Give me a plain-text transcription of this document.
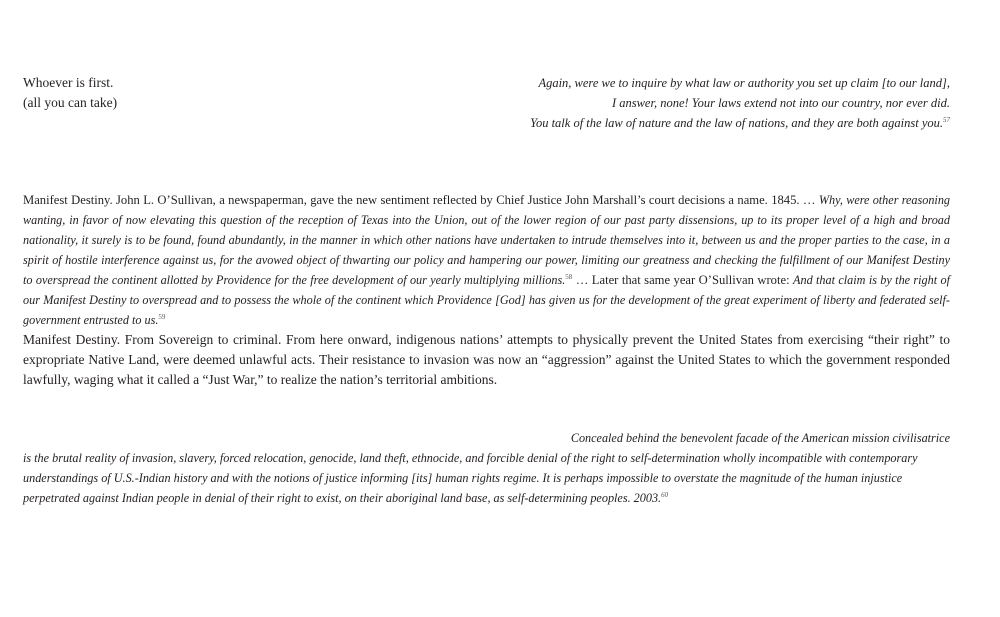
Whoever is first.
(all you can take)
Again, were we to inquire by what law or authority you set up claim [to our land],
I answer, none! Your laws extend not into our country, nor ever did.
You talk of the law of nature and the law of nations, and they are both against you.$^{57}$
Manifest Destiny. John L. O’Sullivan, a newspaperman, gave the new sentiment reflected by Chief Justice John Marshall’s court decisions a name. 1845. … Why, were other reasoning wanting, in favor of now elevating this question of the reception of Texas into the Union, out of the lower region of our past party dissensions, up to its proper level of a high and broad nationality, it surely is to be found, found abundantly, in the manner in which other nations have undertaken to intrude themselves into it, between us and the proper parties to the case, in a spirit of hostile interference against us, for the avowed object of thwarting our policy and hampering our power, limiting our greatness and checking the fulfillment of our Manifest Destiny to overspread the continent allotted by Providence for the free development of our yearly multiplying millions.$^{58}$ … Later that same year O’Sullivan wrote: And that claim is by the right of our Manifest Destiny to overspread and to possess the whole of the continent which Providence [God] has given us for the development of the great experiment of liberty and federated self-government entrusted to us.$^{59}$
Manifest Destiny. From Sovereign to criminal. From here onward, indigenous nations’ attempts to physically prevent the United States from exercising “their right” to expropriate Native Land, were deemed unlawful acts. Their resistance to invasion was now an “aggression” against the United States to which the government responded lawfully, waging what it called a “Just War,” to realize the nation’s territorial ambitions.
Concealed behind the benevolent facade of the American mission civilisatrice
is the brutal reality of invasion, slavery, forced relocation, genocide, land theft, ethnocide, and forcible denial of the right to self-determination wholly incompatible with contemporary understandings of U.S.-Indian history and with the notions of justice informing [its] human rights regime. It is perhaps impossible to overstate the magnitude of the human injustice perpetrated against Indian people in denial of their right to exist, on their aboriginal land base, as self-determining peoples. 2003.60
